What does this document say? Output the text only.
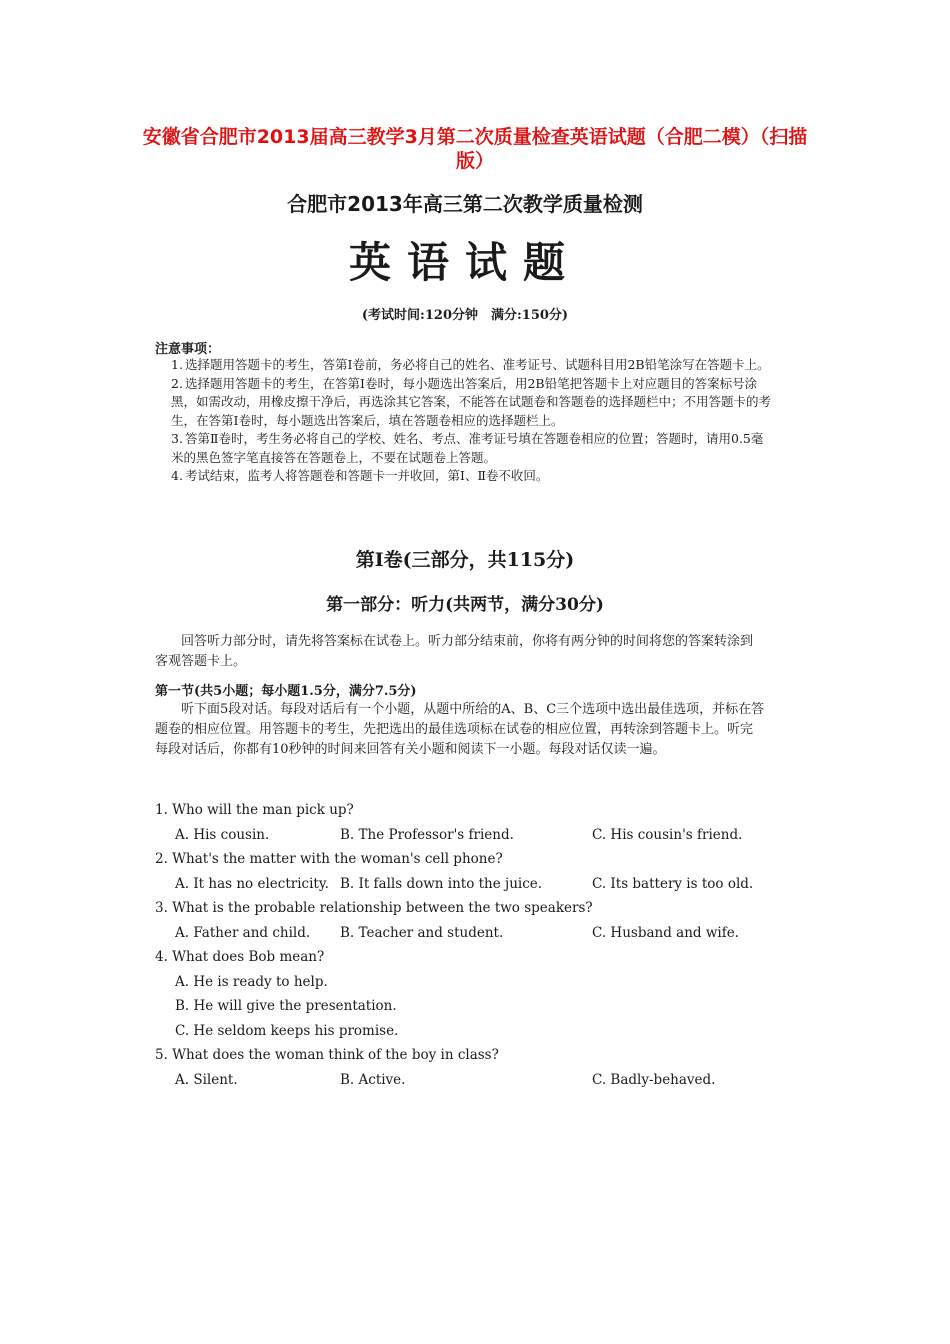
安徽省合肥市2013届高三教学3月第二次质量检查英语试题（合肥二模）（扫描版）
合肥市2013年高三第二次教学质量检测
英语试题
(考试时间:120分钟　满分:150分)
注意事项：

1. 选择题用答题卡的考生，答第Ⅰ卷前，务必将自己的姓名、准考证号、试题科目用2B铅笔涂写在答题卡上。

2. 选择题用答题卡的考生，在答第Ⅰ卷时，每小题选出答案后，用2B铅笔把答题卡上对应题目的答案标号涂黑，如需改动，用橡皮擦干净后，再选涂其它答案，不能答在试题卷和答题卷的选择题栏中；不用答题卡的考生，在答第Ⅰ卷时，每小题选出答案后，填在答题卷相应的选择题栏上。

3. 答第Ⅱ卷时，考生务必将自己的学校、姓名、考点、准考证号填在答题卷相应的位置；答题时，请用0.5毫米的黑色签字笔直接答在答题卷上，不要在试题卷上答题。

4. 考试结束，监考人将答题卷和答题卡一并收回，第Ⅰ、Ⅱ卷不收回。

第Ⅰ卷(三部分，共115分)
第一部分：听力(共两节，满分30分)
回答听力部分时，请先将答案标在试卷上。听力部分结束前，你将有两分钟的时间将您的答案转涂到客观答题卡上。
第一节(共5小题；每小题1.5分，满分7.5分)
听下面5段对话。每段对话后有一个小题，从题中所给的A、B、C三个选项中选出最佳选项，并标在答题卷的相应位置。用答题卡的考生，先把选出的最佳选项标在试卷的相应位置，再转涂到答题卡上。听完每段对话后，你都有10秒钟的时间来回答有关小题和阅读下一小题。每段对话仅读一遍。
1. Who will the man pick up?
A. His cousin.	B. The Professor's friend.	C. His cousin's friend.
2. What's the matter with the woman's cell phone?
A. It has no electricity. B. It falls down into the juice.	C. Its battery is too old.
3. What is the probable relationship between the two speakers?
A. Father and child. B. Teacher and student.	C. Husband and wife.
4. What does Bob mean?
A. He is ready to help.
B. He will give the presentation.
C. He seldom keeps his promise.
5. What does the woman think of the boy in class?
A. Silent.	B. Active.	C. Badly-behaved.
